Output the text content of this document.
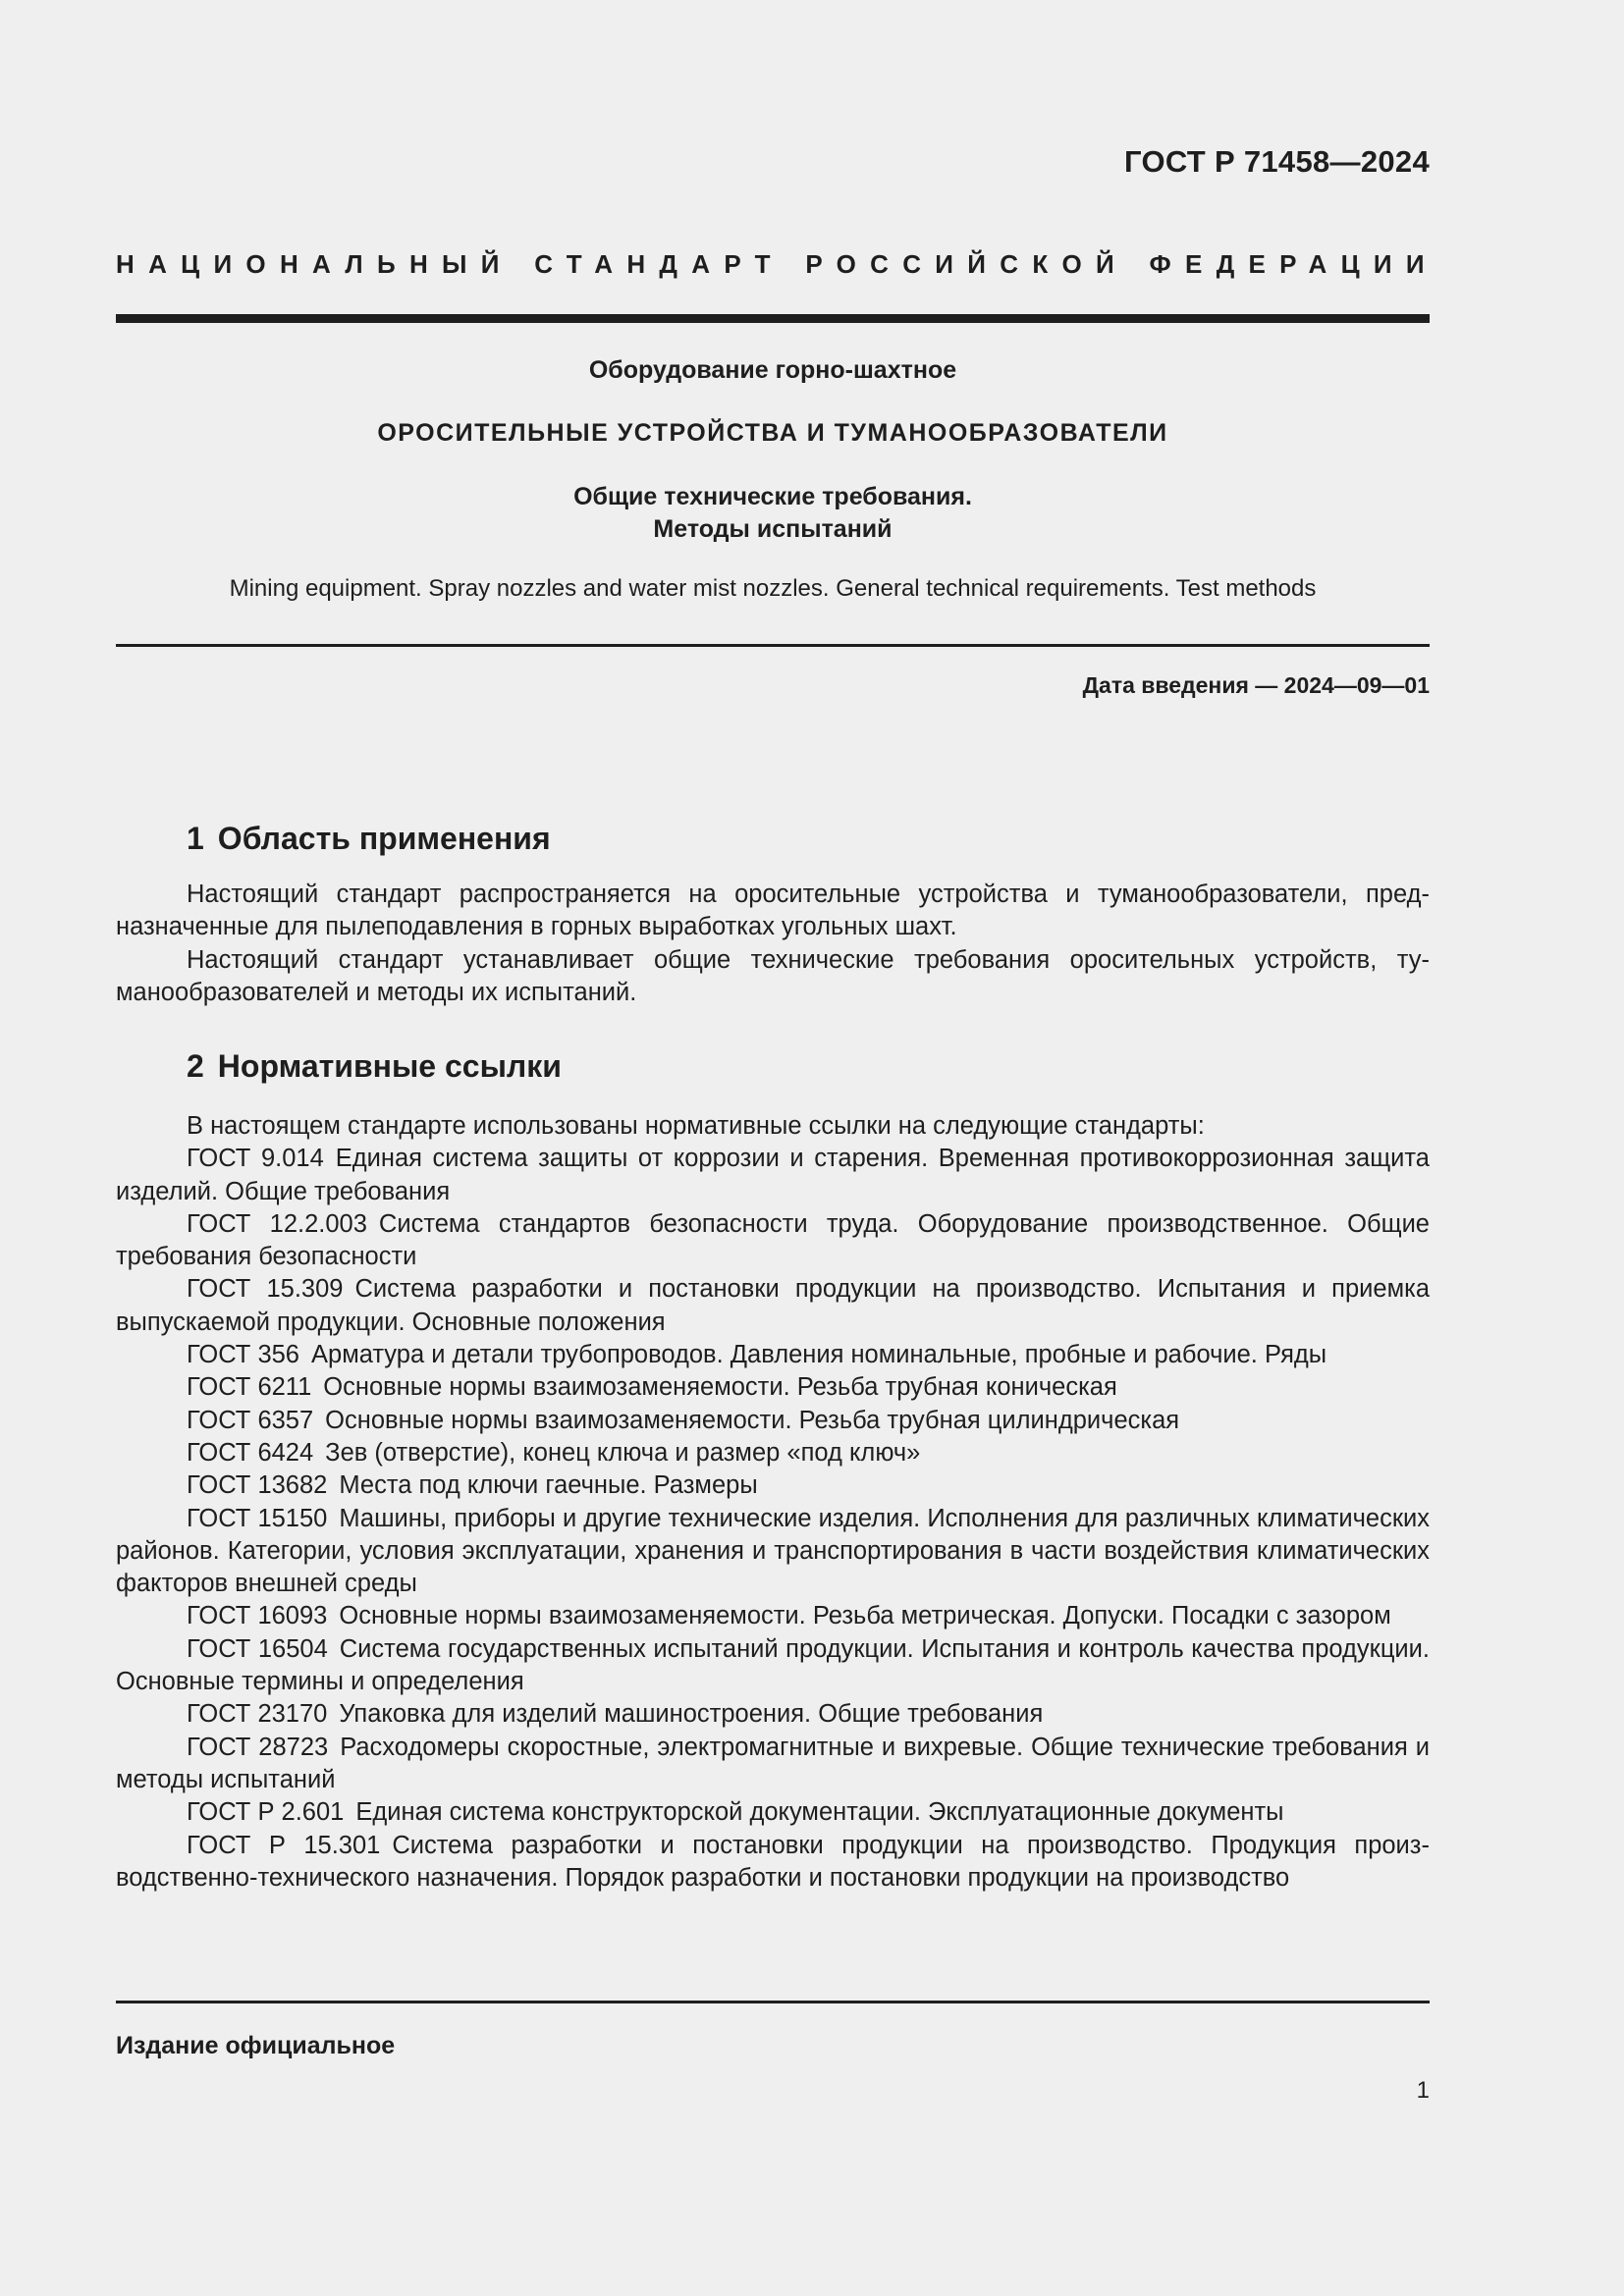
ГОСТ Р 71458—2024
НАЦИОНАЛЬНЫЙ СТАНДАРТ РОССИЙСКОЙ ФЕДЕРАЦИИ
Оборудование горно-шахтное
ОРОСИТЕЛЬНЫЕ УСТРОЙСТВА И ТУМАНООБРАЗОВАТЕЛИ
Общие технические требования.
Методы испытаний
Mining equipment. Spray nozzles and water mist nozzles. General technical requirements. Test methods
Дата введения — 2024—09—01
1 Область применения

Настоящий стандарт распространяется на оросительные устройства и туманообразователи, предназначенные для пылеподавления в горных выработках угольных шахт.

Настоящий стандарт устанавливает общие технические требования оросительных устройств, туманообразователей и методы их испытаний.

2 Нормативные ссылки

В настоящем стандарте использованы нормативные ссылки на следующие стандарты:

ГОСТ 9.014 Единая система защиты от коррозии и старения. Временная противокоррозионная защита изделий. Общие требования

ГОСТ 12.2.003 Система стандартов безопасности труда. Оборудование производственное. Общие требования безопасности

ГОСТ 15.309 Система разработки и постановки продукции на производство. Испытания и приемка выпускаемой продукции. Основные положения

ГОСТ 356 Арматура и детали трубопроводов. Давления номинальные, пробные и рабочие. Ряды

ГОСТ 6211 Основные нормы взаимозаменяемости. Резьба трубная коническая

ГОСТ 6357 Основные нормы взаимозаменяемости. Резьба трубная цилиндрическая

ГОСТ 6424 Зев (отверстие), конец ключа и размер «под ключ»

ГОСТ 13682 Места под ключи гаечные. Размеры

ГОСТ 15150 Машины, приборы и другие технические изделия. Исполнения для различных климатических районов. Категории, условия эксплуатации, хранения и транспортирования в части воздействия климатических факторов внешней среды

ГОСТ 16093 Основные нормы взаимозаменяемости. Резьба метрическая. Допуски. Посадки с зазором

ГОСТ 16504 Система государственных испытаний продукции. Испытания и контроль качества продукции. Основные термины и определения

ГОСТ 23170 Упаковка для изделий машиностроения. Общие требования

ГОСТ 28723 Расходомеры скоростные, электромагнитные и вихревые. Общие технические требования и методы испытаний

ГОСТ Р 2.601 Единая система конструкторской документации. Эксплуатационные документы

ГОСТ Р 15.301 Система разработки и постановки продукции на производство. Продукция производственно-технического назначения. Порядок разработки и постановки продукции на производство

Издание официальное
1
